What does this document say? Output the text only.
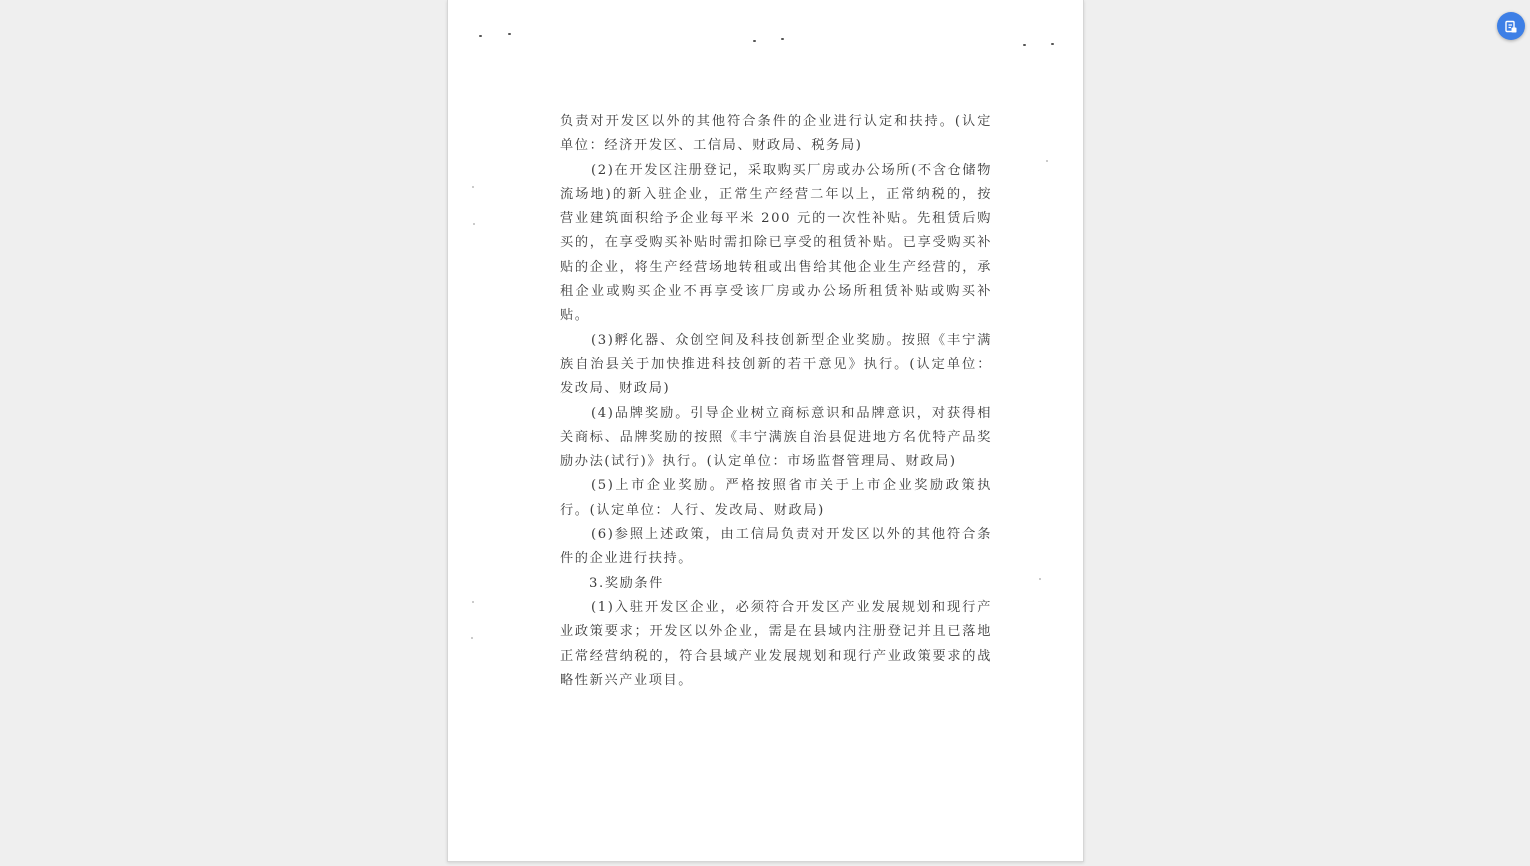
负责对开发区以外的其他符合条件的企业进行认定和扶持。(认定单位：经济开发区、工信局、财政局、税务局)

(2)在开发区注册登记，采取购买厂房或办公场所(不含仓储物流场地)的新入驻企业，正常生产经营二年以上，正常纳税的，按营业建筑面积给予企业每平米 200 元的一次性补贴。先租赁后购买的，在享受购买补贴时需扣除已享受的租赁补贴。已享受购买补贴的企业，将生产经营场地转租或出售给其他企业生产经营的，承租企业或购买企业不再享受该厂房或办公场所租赁补贴或购买补贴。

(3)孵化器、众创空间及科技创新型企业奖励。按照《丰宁满族自治县关于加快推进科技创新的若干意见》执行。(认定单位：发改局、财政局)

(4)品牌奖励。引导企业树立商标意识和品牌意识，对获得相关商标、品牌奖励的按照《丰宁满族自治县促进地方名优特产品奖励办法(试行)》执行。(认定单位：市场监督管理局、财政局)

(5)上市企业奖励。严格按照省市关于上市企业奖励政策执行。(认定单位：人行、发改局、财政局)

(6)参照上述政策，由工信局负责对开发区以外的其他符合条件的企业进行扶持。

3.奖励条件

(1)入驻开发区企业，必须符合开发区产业发展规划和现行产业政策要求；开发区以外企业，需是在县域内注册登记并且已落地正常经营纳税的，符合县域产业发展规划和现行产业政策要求的战略性新兴产业项目。
